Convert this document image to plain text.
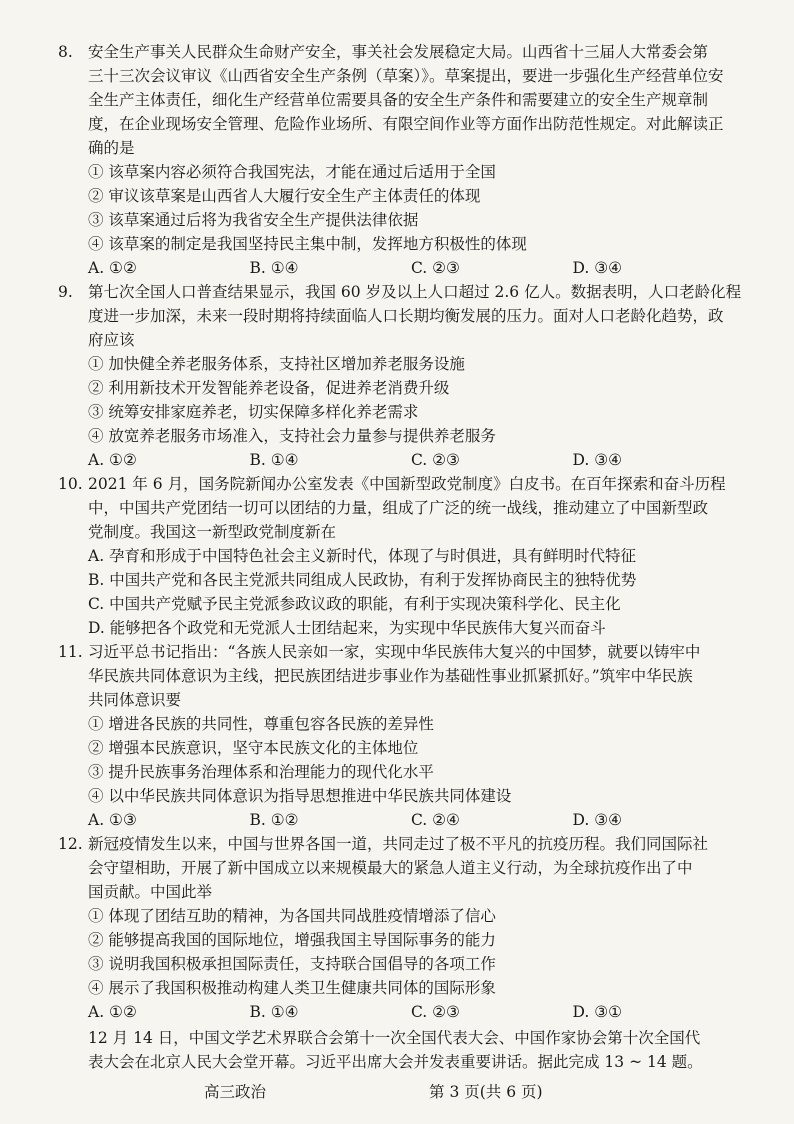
8. 安全生产事关人民群众生命财产安全，事关社会发展稳定大局。山西省十三届人大常委会第
三十三次会议审议《山西省安全生产条例（草案）》。草案提出，要进一步强化生产经营单位安
全生产主体责任，细化生产经营单位需要具备的安全生产条件和需要建立的安全生产规章制
度，在企业现场安全管理、危险作业场所、有限空间作业等方面作出防范性规定。对此解读正
确的是
① 该草案内容必须符合我国宪法，才能在通过后适用于全国
② 审议该草案是山西省人大履行安全生产主体责任的体现
③ 该草案通过后将为我省安全生产提供法律依据
④ 该草案的制定是我国坚持民主集中制，发挥地方积极性的体现
A. ①②	B. ①④	C. ②③	D. ③④
9. 第七次全国人口普查结果显示，我国 60 岁及以上人口超过 2.6 亿人。数据表明，人口老龄化程
度进一步加深，未来一段时期将持续面临人口长期均衡发展的压力。面对人口老龄化趋势，政
府应该
① 加快健全养老服务体系，支持社区增加养老服务设施
② 利用新技术开发智能养老设备，促进养老消费升级
③ 统筹安排家庭养老，切实保障多样化养老需求
④ 放宽养老服务市场准入，支持社会力量参与提供养老服务
A. ①②	B. ①④	C. ②③	D. ③④
10. 2021 年 6 月，国务院新闻办公室发表《中国新型政党制度》白皮书。在百年探索和奋斗历程
中，中国共产党团结一切可以团结的力量，组成了广泛的统一战线，推动建立了中国新型政
党制度。我国这一新型政党制度新在
A. 孕育和形成于中国特色社会主义新时代，体现了与时俱进，具有鲜明时代特征
B. 中国共产党和各民主党派共同组成人民政协，有利于发挥协商民主的独特优势
C. 中国共产党赋予民主党派参政议政的职能，有利于实现决策科学化、民主化
D. 能够把各个政党和无党派人士团结起来，为实现中华民族伟大复兴而奋斗
11. 习近平总书记指出：“各族人民亲如一家，实现中华民族伟大复兴的中国梦，就要以铸牢中
华民族共同体意识为主线，把民族团结进步事业作为基础性事业抓紧抓好。”筑牢中华民族
共同体意识要
① 增进各民族的共同性，尊重包容各民族的差异性
② 增强本民族意识，坚守本民族文化的主体地位
③ 提升民族事务治理体系和治理能力的现代化水平
④ 以中华民族共同体意识为指导思想推进中华民族共同体建设
A. ①③	B. ①②	C. ②④	D. ③④
12. 新冠疫情发生以来，中国与世界各国一道，共同走过了极不平凡的抗疫历程。我们同国际社
会守望相助，开展了新中国成立以来规模最大的紧急人道主义行动，为全球抗疫作出了中
国贡献。中国此举
① 体现了团结互助的精神，为各国共同战胜疫情增添了信心
② 能够提高我国的国际地位，增强我国主导国际事务的能力
③ 说明我国积极承担国际责任，支持联合国倡导的各项工作
④ 展示了我国积极推动构建人类卫生健康共同体的国际形象
A. ①②	B. ①④	C. ②③	D. ③①
12 月 14 日，中国文学艺术界联合会第十一次全国代表大会、中国作家协会第十次全国代
表大会在北京人民大会堂开幕。习近平出席大会并发表重要讲话。据此完成 13 ~ 14 题。
高三政治	第 3 页(共 6 页)
